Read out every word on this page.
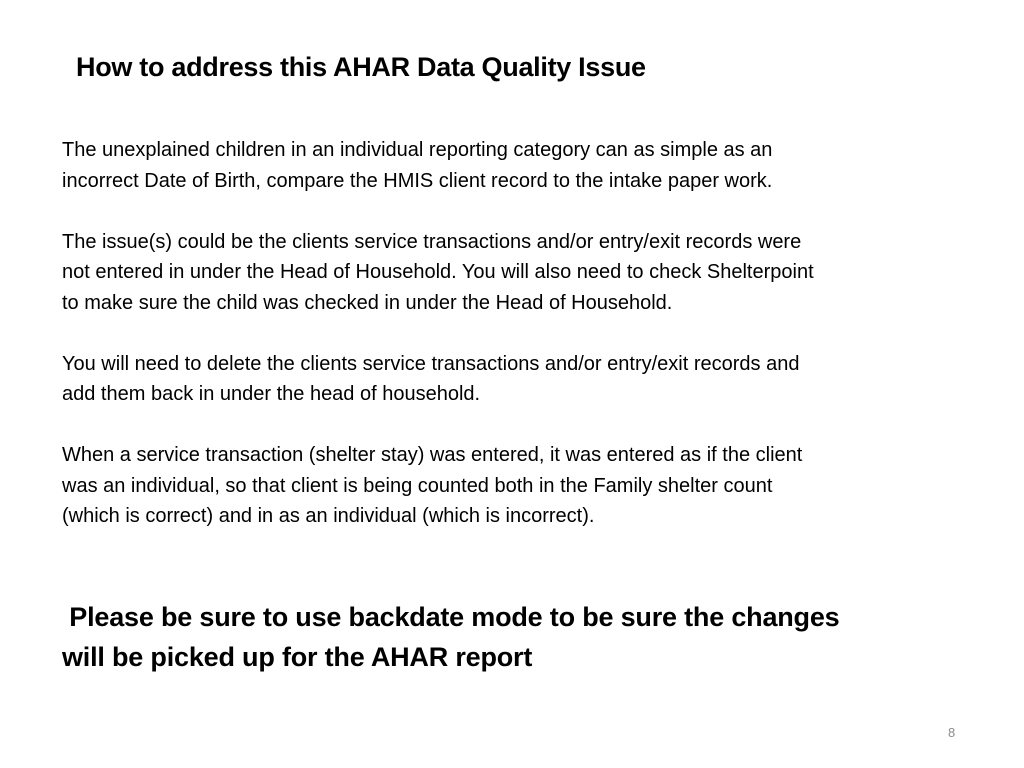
How to address this AHAR Data Quality Issue

The unexplained children in an individual reporting category can as simple as an
incorrect Date of Birth, compare the HMIS client record to the intake paper work.

The issue(s) could be the clients service transactions and/or entry/exit records were
not entered in under the Head of Household. You will also need to check Shelterpoint
to make sure the child was checked in under the Head of Household.

You will need to delete the clients service transactions and/or entry/exit records and
add them back in under the head of household.

When a service transaction (shelter stay) was entered, it was entered as if the client
was an individual, so that client is being counted both in the Family shelter count
(which is correct) and in as an individual (which is incorrect).

Please be sure to use backdate mode to be sure the changes
will be picked up for the AHAR report
8
